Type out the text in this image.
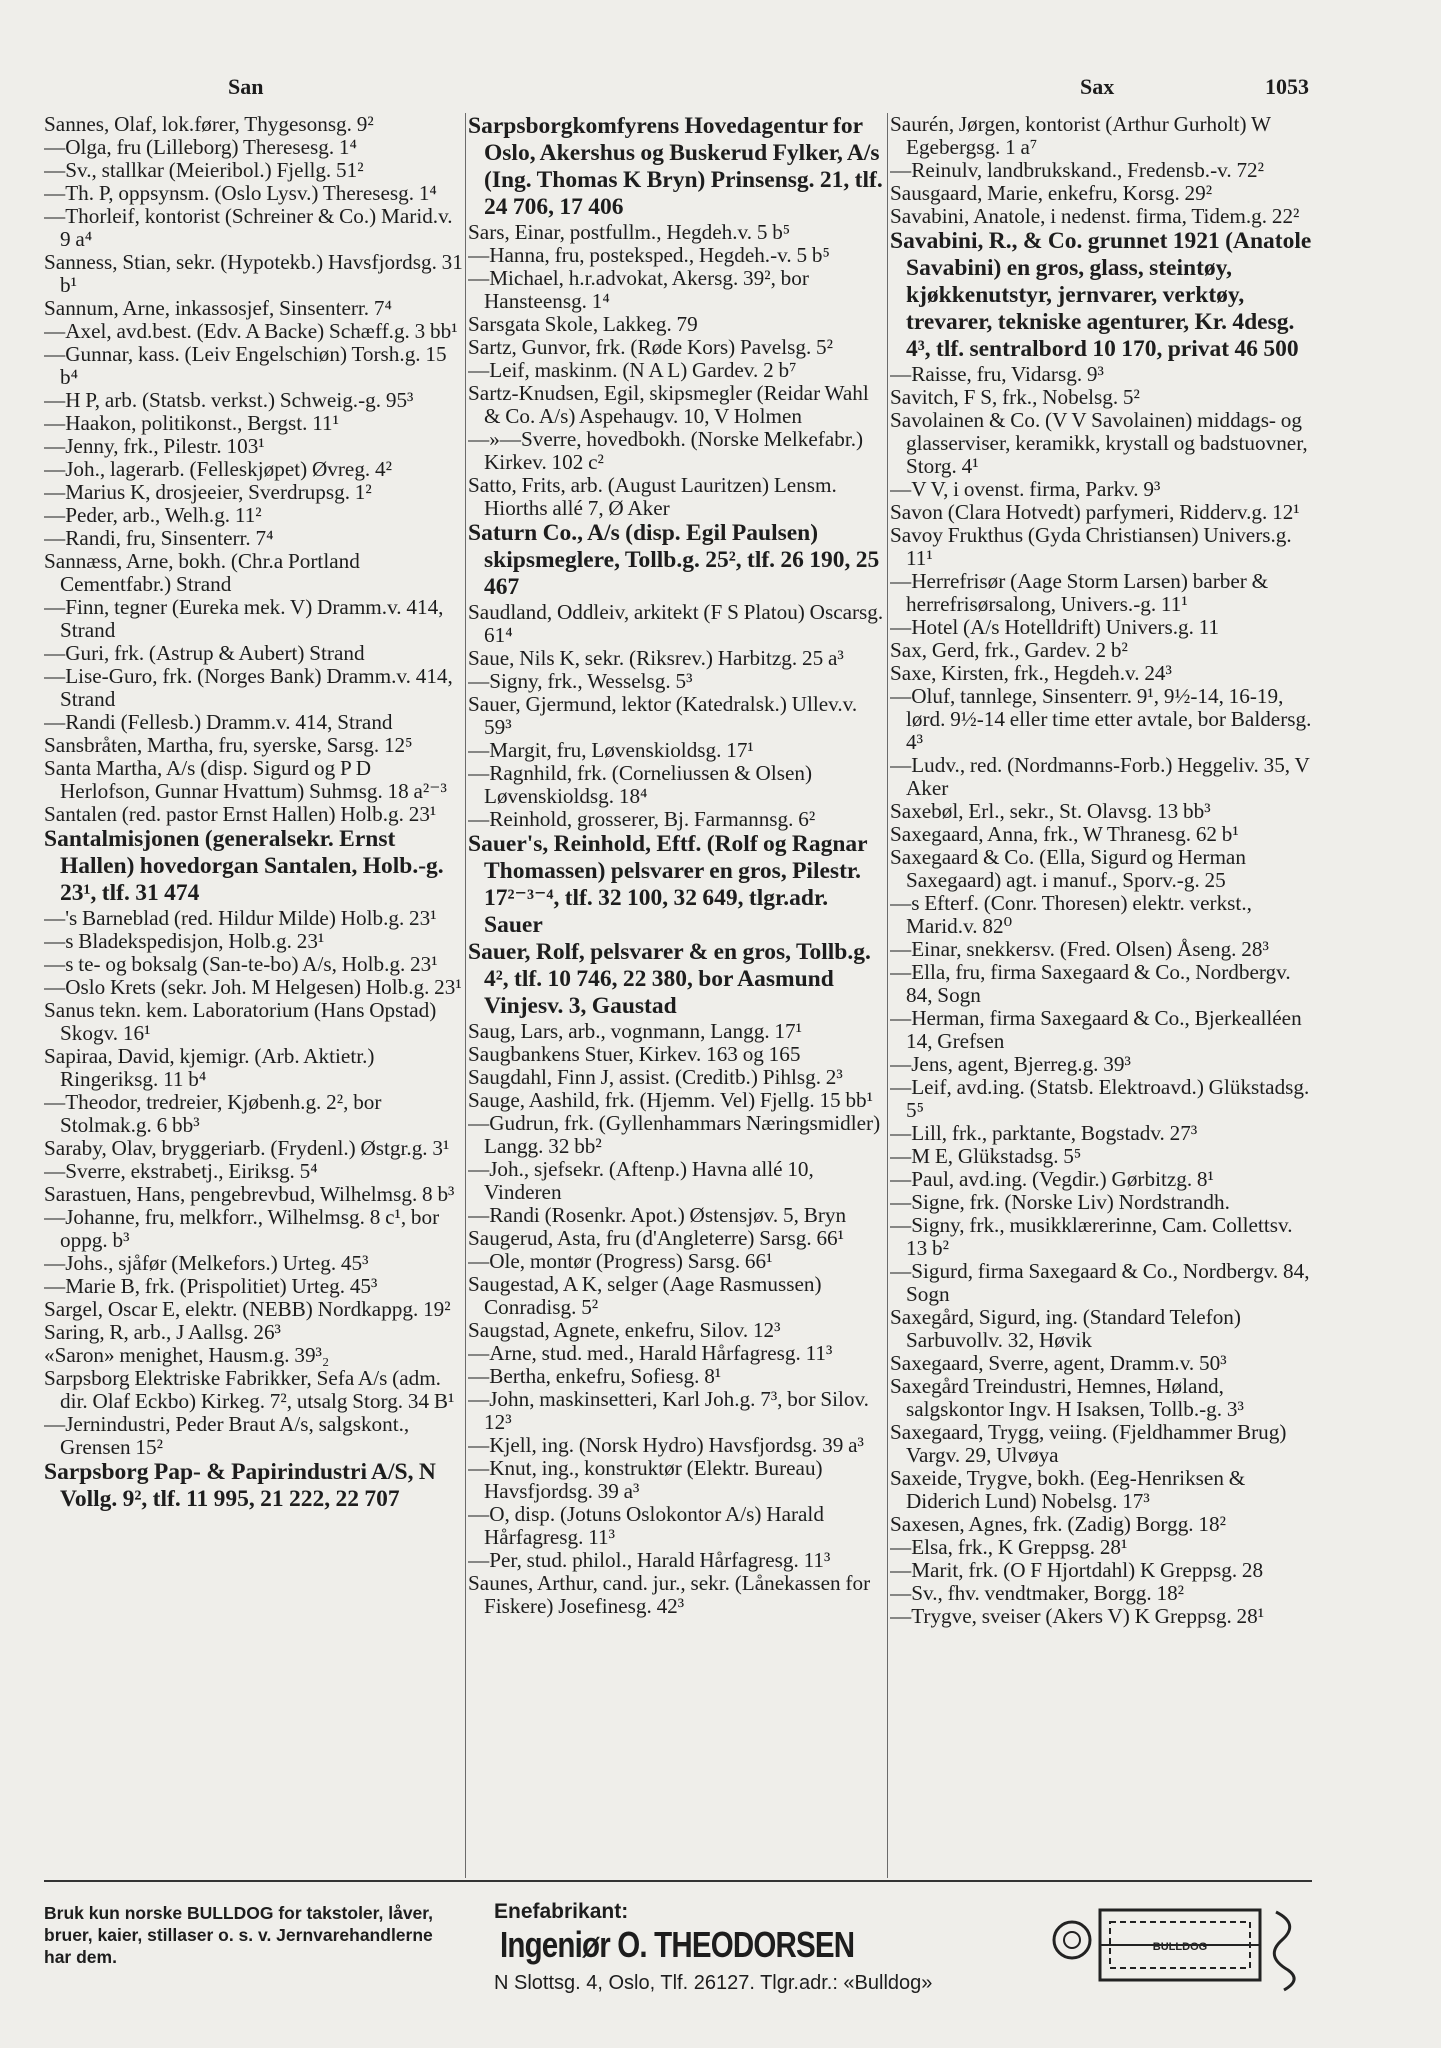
San	Sax	1053

Sannes, Olaf, lok.fører, Thygesonsg. 9²

—Olga, fru (Lilleborg) Theresesg. 1⁴

—Sv., stallkar (Meieribol.) Fjellg. 51²

—Th. P, oppsynsm. (Oslo Lysv.) Theresesg. 1⁴

—Thorleif, kontorist (Schreiner & Co.) Marid.v. 9 a⁴

Sanness, Stian, sekr. (Hypotekb.) Havsfjordsg. 31 b¹

Sannum, Arne, inkassosjef, Sinsenterr. 7⁴

—Axel, avd.best. (Edv. A Backe) Schæff.g. 3 bb¹

—Gunnar, kass. (Leiv Engelschiøn) Torsh.g. 15 b⁴

—H P, arb. (Statsb. verkst.) Schweig.-g. 95³

—Haakon, politikonst., Bergst. 11¹

—Jenny, frk., Pilestr. 103¹

—Joh., lagerarb. (Felleskjøpet) Øvreg. 4²

—Marius K, drosjeeier, Sverdrupsg. 1²

—Peder, arb., Welh.g. 11²

—Randi, fru, Sinsenterr. 7⁴

Sannæss, Arne, bokh. (Chr.a Portland Cementfabr.) Strand

—Finn, tegner (Eureka mek. V) Dramm.v. 414, Strand

—Guri, frk. (Astrup & Aubert) Strand

—Lise-Guro, frk. (Norges Bank) Dramm.v. 414, Strand

—Randi (Fellesb.) Dramm.v. 414, Strand

Sansbråten, Martha, fru, syerske, Sarsg. 12⁵

Santa Martha, A/s (disp. Sigurd og P D Herlofson, Gunnar Hvattum) Suhmsg. 18 a²⁻³

Santalen (red. pastor Ernst Hallen) Holb.g. 23¹

Santalmisjonen (generalsekr. Ernst Hallen) hovedorgan Santalen, Holb.-g. 23¹, tlf. 31 474

—'s Barneblad (red. Hildur Milde) Holb.g. 23¹

—s Bladekspedisjon, Holb.g. 23¹

—s te- og boksalg (San-te-bo) A/s, Holb.g. 23¹

—Oslo Krets (sekr. Joh. M Helgesen) Holb.g. 23¹

Sanus tekn. kem. Laboratorium (Hans Opstad) Skogv. 16¹

Sapiraa, David, kjemigr. (Arb. Aktietr.) Ringeriksg. 11 b⁴

—Theodor, tredreier, Kjøbenh.g. 2², bor Stolmak.g. 6 bb³

Saraby, Olav, bryggeriarb. (Frydenl.) Østgr.g. 3¹

—Sverre, ekstrabetj., Eiriksg. 5⁴

Sarastuen, Hans, pengebrevbud, Wilhelmsg. 8 b³

—Johanne, fru, melkforr., Wilhelmsg. 8 c¹, bor oppg. b³

—Johs., sjåfør (Melkefors.) Urteg. 45³

—Marie B, frk. (Prispolitiet) Urteg. 45³

Sargel, Oscar E, elektr. (NEBB) Nordkappg. 19²

Saring, R, arb., J Aallsg. 26³

«Saron» menighet, Hausm.g. 39³₂

Sarpsborg Elektriske Fabrikker, Sefa A/s (adm. dir. Olaf Eckbo) Kirkeg. 7², utsalg Storg. 34 B¹

—Jernindustri, Peder Braut A/s, salgskont., Grensen 15²

Sarpsborg Pap- & Papirindustri A/S, N Vollg. 9², tlf. 11 995, 21 222, 22 707

Sarpsborgkomfyrens Hovedagentur for Oslo, Akershus og Buskerud Fylker, A/s (Ing. Thomas K Bryn) Prinsensg. 21, tlf. 24 706, 17 406

Sars, Einar, postfullm., Hegdeh.v. 5 b⁵

—Hanna, fru, posteksped., Hegdeh.-v. 5 b⁵

—Michael, h.r.advokat, Akersg. 39², bor Hansteensg. 1⁴

Sarsgata Skole, Lakkeg. 79

Sartz, Gunvor, frk. (Røde Kors) Pavelsg. 5²

—Leif, maskinm. (N A L) Gardev. 2 b⁷

Sartz-Knudsen, Egil, skipsmegler (Reidar Wahl & Co. A/s) Aspehaugv. 10, V Holmen

—»—Sverre, hovedbokh. (Norske Melkefabr.) Kirkev. 102 c²

Satto, Frits, arb. (August Lauritzen) Lensm. Hiorths allé 7, Ø Aker

Saturn Co., A/s (disp. Egil Paulsen) skipsmeglere, Tollb.g. 25², tlf. 26 190, 25 467

Saudland, Oddleiv, arkitekt (F S Platou) Oscarsg. 61⁴

Saue, Nils K, sekr. (Riksrev.) Harbitzg. 25 a³

—Signy, frk., Wesselsg. 5³

Sauer, Gjermund, lektor (Katedralsk.) Ullev.v. 59³

—Margit, fru, Løvenskioldsg. 17¹

—Ragnhild, frk. (Corneliussen & Olsen) Løvenskioldsg. 18⁴

—Reinhold, grosserer, Bj. Farmannsg. 6²

Sauer's, Reinhold, Eftf. (Rolf og Ragnar Thomassen) pelsvarer en gros, Pilestr. 17²⁻³⁻⁴, tlf. 32 100, 32 649, tlgr.adr. Sauer

Sauer, Rolf, pelsvarer & en gros, Tollb.g. 4², tlf. 10 746, 22 380, bor Aasmund Vinjesv. 3, Gaustad

Saug, Lars, arb., vognmann, Langg. 17¹

Saugbankens Stuer, Kirkev. 163 og 165

Saugdahl, Finn J, assist. (Creditb.) Pihlsg. 2³

Sauge, Aashild, frk. (Hjemm. Vel) Fjellg. 15 bb¹

—Gudrun, frk. (Gyllenhammars Næringsmidler) Langg. 32 bb²

—Joh., sjefsekr. (Aftenp.) Havna allé 10, Vinderen

—Randi (Rosenkr. Apot.) Østensjøv. 5, Bryn

Saugerud, Asta, fru (d'Angleterre) Sarsg. 66¹

—Ole, montør (Progress) Sarsg. 66¹

Saugestad, A K, selger (Aage Rasmussen) Conradisg. 5²

Saugstad, Agnete, enkefru, Silov. 12³

—Arne, stud. med., Harald Hårfagresg. 11³

—Bertha, enkefru, Sofiesg. 8¹

—John, maskinsetteri, Karl Joh.g. 7³, bor Silov. 12³

—Kjell, ing. (Norsk Hydro) Havsfjordsg. 39 a³

—Knut, ing., konstruktør (Elektr. Bureau) Havsfjordsg. 39 a³

—O, disp. (Jotuns Oslokontor A/s) Harald Hårfagresg. 11³

—Per, stud. philol., Harald Hårfagresg. 11³

Saunes, Arthur, cand. jur., sekr. (Lånekassen for Fiskere) Josefinesg. 42³

Saurén, Jørgen, kontorist (Arthur Gurholt) W Egebergsg. 1 a⁷

—Reinulv, landbrukskand., Fredensb.-v. 72²

Sausgaard, Marie, enkefru, Korsg. 29²

Savabini, Anatole, i nedenst. firma, Tidem.g. 22²

Savabini, R., & Co. grunnet 1921 (Anatole Savabini) en gros, glass, steintøy, kjøkkenutstyr, jernvarer, verktøy, trevarer, tekniske agenturer, Kr. 4desg. 4³, tlf. sentralbord 10 170, privat 46 500

—Raisse, fru, Vidarsg. 9³

Savitch, F S, frk., Nobelsg. 5²

Savolainen & Co. (V V Savolainen) middags- og glasserviser, keramikk, krystall og badstuovner, Storg. 4¹

—V V, i ovenst. firma, Parkv. 9³

Savon (Clara Hotvedt) parfymeri, Ridderv.g. 12¹

Savoy Frukthus (Gyda Christiansen) Univers.g. 11¹

—Herrefrisør (Aage Storm Larsen) barber & herrefrisørsalong, Univers.-g. 11¹

—Hotel (A/s Hotelldrift) Univers.g. 11

Sax, Gerd, frk., Gardev. 2 b²

Saxe, Kirsten, frk., Hegdeh.v. 24³

—Oluf, tannlege, Sinsenterr. 9¹, 9½-14, 16-19, lørd. 9½-14 eller time etter avtale, bor Baldersg. 4³

—Ludv., red. (Nordmanns-Forb.) Heggeliv. 35, V Aker

Saxebøl, Erl., sekr., St. Olavsg. 13 bb³

Saxegaard, Anna, frk., W Thranesg. 62 b¹

Saxegaard & Co. (Ella, Sigurd og Herman Saxegaard) agt. i manuf., Sporv.-g. 25

—s Efterf. (Conr. Thoresen) elektr. verkst., Marid.v. 82⁰

—Einar, snekkersv. (Fred. Olsen) Åseng. 28³

—Ella, fru, firma Saxegaard & Co., Nordbergv. 84, Sogn

—Herman, firma Saxegaard & Co., Bjerkealléen 14, Grefsen

—Jens, agent, Bjerreg.g. 39³

—Leif, avd.ing. (Statsb. Elektroavd.) Glükstadsg. 5⁵

—Lill, frk., parktante, Bogstadv. 27³

—M E, Glükstadsg. 5⁵

—Paul, avd.ing. (Vegdir.) Gørbitzg. 8¹

—Signe, frk. (Norske Liv) Nordstrandh.

—Signy, frk., musikklærerinne, Cam. Collettsv. 13 b²

—Sigurd, firma Saxegaard & Co., Nordbergv. 84, Sogn

Saxegård, Sigurd, ing. (Standard Telefon) Sarbuvollv. 32, Høvik

Saxegaard, Sverre, agent, Dramm.v. 50³

Saxegård Treindustri, Hemnes, Høland, salgskontor Ingv. H Isaksen, Tollb.-g. 3³

Saxegaard, Trygg, veiing. (Fjeldhammer Brug) Vargv. 29, Ulvøya

Saxeide, Trygve, bokh. (Eeg-Henriksen & Diderich Lund) Nobelsg. 17³

Saxesen, Agnes, frk. (Zadig) Borgg. 18²

—Elsa, frk., K Greppsg. 28¹

—Marit, frk. (O F Hjortdahl) K Greppsg. 28

—Sv., fhv. vendtmaker, Borgg. 18²

—Trygve, sveiser (Akers V) K Greppsg. 28¹

Bruk kun norske BULLDOG for takstoler, låver, bruer, kaier, stillaser o. s. v. Jernvarehandlerne har dem.
Enefabrikant: Ingeniør O. THEODORSEN
N Slottsg. 4, Oslo, Tlf. 26127. Tlgr.adr.: «Bulldog»
BULLDOG
